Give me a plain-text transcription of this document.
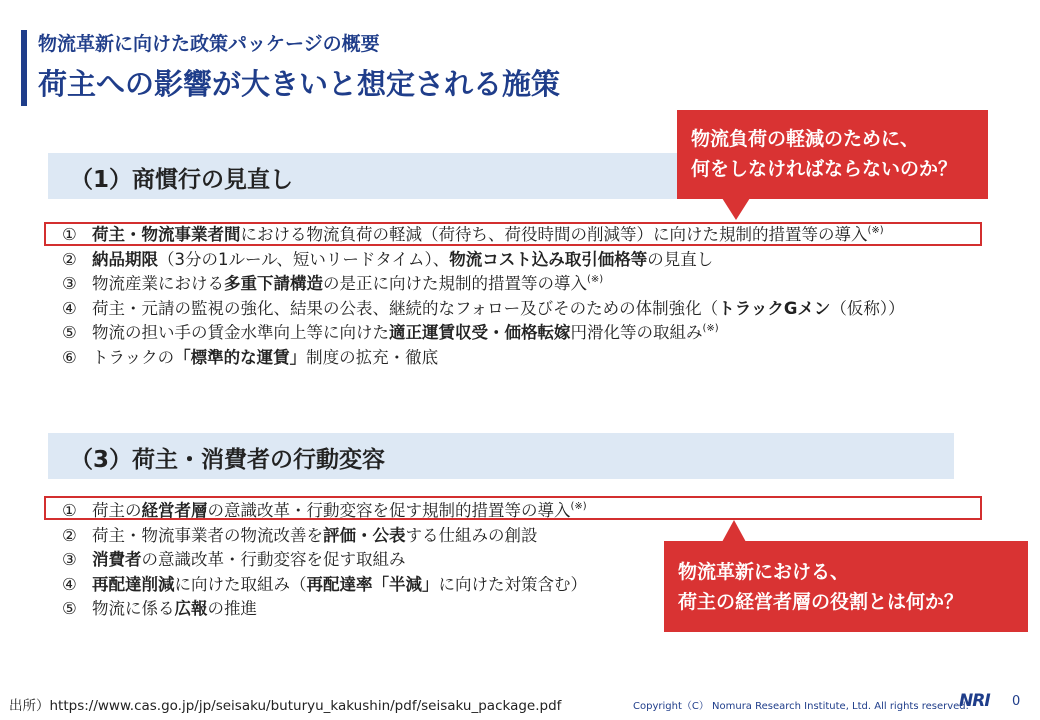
物流革新に向けた政策パッケージの概要
荷主への影響が大きいと想定される施策
（1）商慣行の見直し
① 荷主・物流事業者間における物流負荷の軽減（荷待ち、荷役時間の削減等）に向けた規制的措置等の導入(※)
② 納品期限（3分の1ルール、短いリードタイム）、物流コスト込み取引価格等の見直し
③ 物流産業における多重下請構造の是正に向けた規制的措置等の導入(※)
④ 荷主・元請の監視の強化、結果の公表、継続的なフォロー及びそのための体制強化（トラックGメン（仮称））
⑤ 物流の担い手の賃金水準向上等に向けた適正運賃収受・価格転嫁円滑化等の取組み(※)
⑥ トラックの「標準的な運賃」制度の拡充・徹底
（3）荷主・消費者の行動変容
① 荷主の経営者層の意識改革・行動変容を促す規制的措置等の導入(※)
② 荷主・物流事業者の物流改善を評価・公表する仕組みの創設
③ 消費者の意識改革・行動変容を促す取組み
④ 再配達削減に向けた取組み（再配達率「半減」に向けた対策含む）
⑤ 物流に係る広報の推進
物流負荷の軽減のために、
何をしなければならないのか？
物流革新における、
荷主の経営者層の役割とは何か？
出所）https://www.cas.go.jp/jp/seisaku/buturyu_kakushin/pdf/seisaku_package.pdf	Copyright（C） Nomura Research Institute, Ltd. All rights reserved.
NRI 0
